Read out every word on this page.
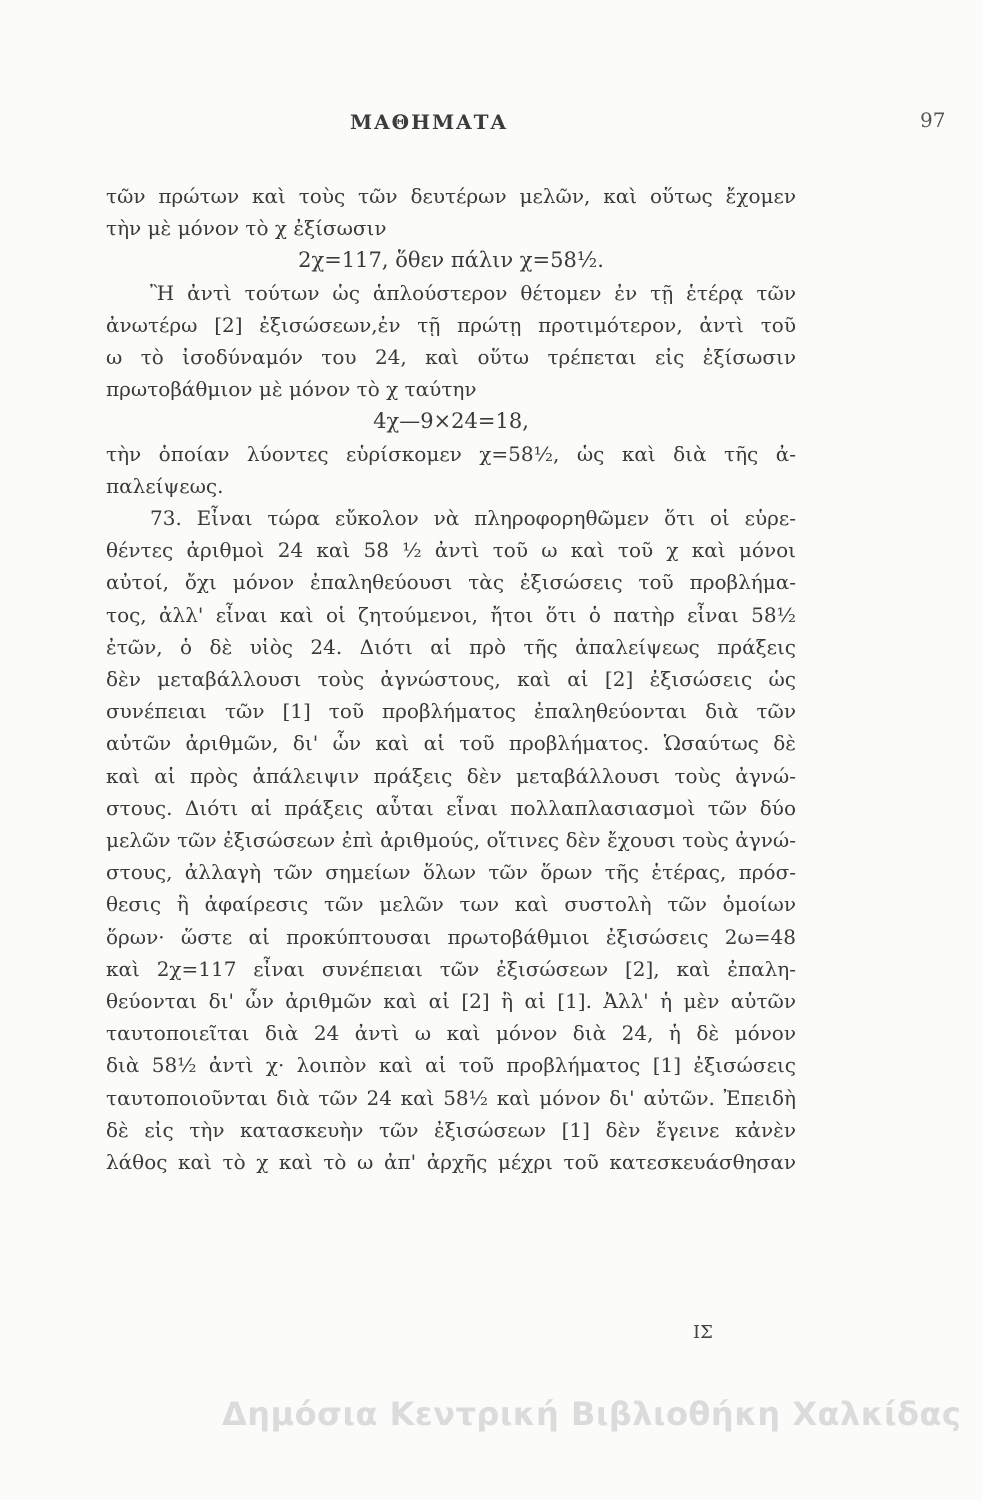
ΜΑΘΗΜΑΤΑ	97
τῶν πρώτων καὶ τοὺς τῶν δευτέρων μελῶν, καὶ οὕτως ἔχομεν
τὴν μὲ μόνον τὸ χ ἐξίσωσιν
2χ=117, ὅθεν πάλιν χ=58½.
Ἢ ἀντὶ τούτων ὡς ἁπλούστερον θέτομεν ἐν τῇ ἑτέρᾳ τῶν
ἀνωτέρω [2] ἐξισώσεων,ἐν τῇ πρώτῃ προτιμότερον, ἀντὶ τοῦ
ω τὸ ἰσοδύναμόν του 24, καὶ οὕτω τρέπεται εἰς ἐξίσωσιν
πρωτοβάθμιον μὲ μόνον τὸ χ ταύτην
4χ—9×24=18,
τὴν ὁποίαν λύοντες εὑρίσκομεν χ=58½, ὡς καὶ διὰ τῆς ἀ-
παλείψεως.
73. Εἶναι τώρα εὔκολον νὰ πληροφορηθῶμεν ὅτι οἱ εὑρε-
θέντες ἀριθμοὶ 24 καὶ 58 ½ ἀντὶ τοῦ ω καὶ τοῦ χ καὶ μόνοι
αὐτοί, ὄχι μόνον ἐπαληθεύουσι τὰς ἐξισώσεις τοῦ προβλήμα-
τος, ἀλλ' εἶναι καὶ οἱ ζητούμενοι, ἤτοι ὅτι ὁ πατὴρ εἶναι 58½
ἐτῶν, ὁ δὲ υἱὸς 24. Διότι αἱ πρὸ τῆς ἀπαλείψεως πράξεις
δὲν μεταβάλλουσι τοὺς ἀγνώστους, καὶ αἱ [2] ἐξισώσεις ὡς
συνέπειαι τῶν [1] τοῦ προβλήματος ἐπαληθεύονται διὰ τῶν
αὐτῶν ἀριθμῶν, δι' ὧν καὶ αἱ τοῦ προβλήματος. Ὡσαύτως δὲ
καὶ αἱ πρὸς ἀπάλειψιν πράξεις δὲν μεταβάλλουσι τοὺς ἀγνώ-
στους. Διότι αἱ πράξεις αὗται εἶναι πολλαπλασιασμοὶ τῶν δύο
μελῶν τῶν ἐξισώσεων ἐπὶ ἀριθμούς, οἵτινες δὲν ἔχουσι τοὺς ἀγνώ-
στους, ἀλλαγὴ τῶν σημείων ὅλων τῶν ὅρων τῆς ἑτέρας, πρόσ-
θεσις ἢ ἀφαίρεσις τῶν μελῶν των καὶ συστολὴ τῶν ὁμοίων
ὅρων· ὥστε αἱ προκύπτουσαι πρωτοβάθμιοι ἐξισώσεις 2ω=48
καὶ 2χ=117 εἶναι συνέπειαι τῶν ἐξισώσεων [2], καὶ ἐπαλη-
θεύονται δι' ὧν ἀριθμῶν καὶ αἱ [2] ἢ αἱ [1]. Ἀλλ' ἡ μὲν αὐτῶν
ταυτοποιεῖται διὰ 24 ἀντὶ ω καὶ μόνον διὰ 24, ἡ δὲ μόνον
διὰ 58½ ἀντὶ χ· λοιπὸν καὶ αἱ τοῦ προβλήματος [1] ἐξισώσεις
ταυτοποιοῦνται διὰ τῶν 24 καὶ 58½ καὶ μόνον δι' αὐτῶν. Ἐπειδὴ
δὲ εἰς τὴν κατασκευὴν τῶν ἐξισώσεων [1] δὲν ἔγεινε κἀνὲν
λάθος καὶ τὸ χ καὶ τὸ ω ἀπ' ἀρχῆς μέχρι τοῦ κατεσκευάσθησαν
ΙΣ
Δημόσια Κεντρική Βιβλιοθήκη Χαλκίδας
